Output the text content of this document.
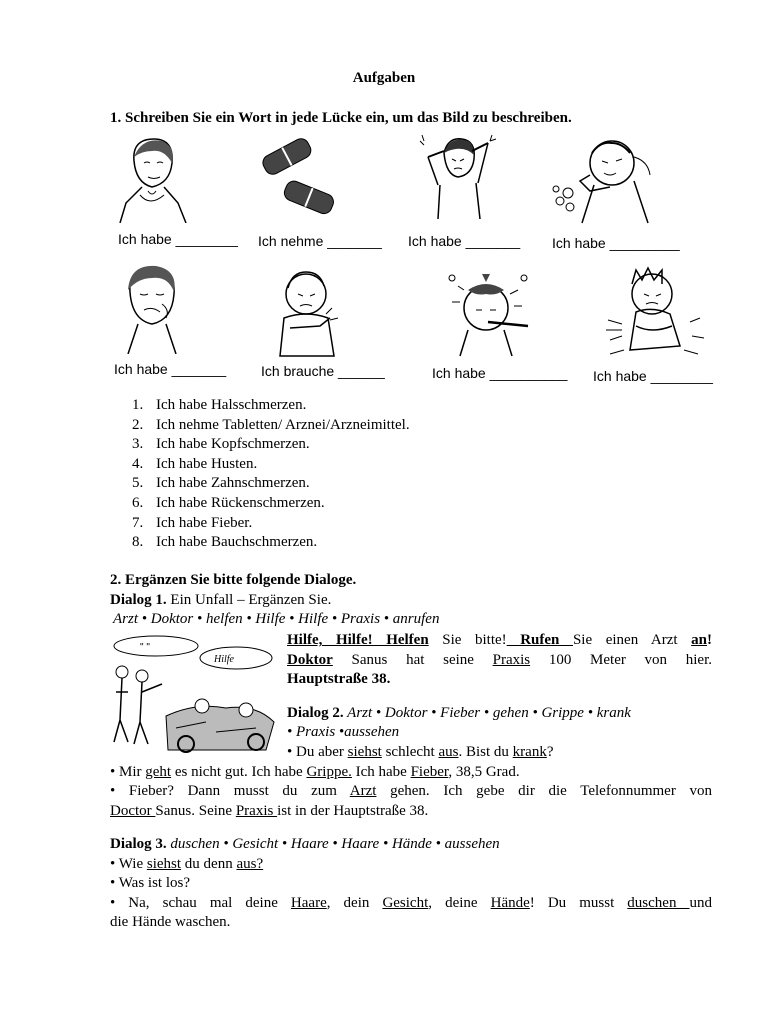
Aufgaben
1. Schreiben Sie ein Wort in jede Lücke ein, um das Bild zu beschreiben.
Ich habe ________ Ich nehme _______ Ich habe _______ Ich habe _________
Ich habe _______ Ich brauche ______	Ich habe __________ Ich habe ________
1. Ich habe Halsschmerzen.
2. Ich nehme Tabletten/ Arznei/Arzneimittel.
3. Ich habe Kopfschmerzen.
4. Ich habe Husten.
5. Ich habe Zahnschmerzen.
6. Ich habe Rückenschmerzen.
7. Ich habe Fieber.
8. Ich habe Bauchschmerzen.
2. Ergänzen Sie bitte folgende Dialoge.
Dialog 1. Ein Unfall – Ergänzen Sie.
Arzt • Doktor • helfen • Hilfe • Hilfe • Praxis • anrufen
" "
Hilfe
Hilfe, Hilfe! Helfen Sie bitte! Rufen Sie einen Arzt an!
Doktor Sanus hat seine Praxis 100 Meter von hier.
Hauptstraße 38.
Dialog 2. Arzt • Doktor • Fieber • gehen • Grippe • krank
• Praxis •aussehen
• Du aber siehst schlecht aus. Bist du krank?
• Mir geht es nicht gut. Ich habe Grippe. Ich habe Fieber, 38,5 Grad.
• Fieber? Dann musst du zum Arzt gehen. Ich gebe dir die Telefonnummer von
Doctor Sanus. Seine Praxis ist in der Hauptstraße 38.
Dialog 3. duschen • Gesicht • Haare • Haare • Hände • aussehen
• Wie siehst du denn aus?
• Was ist los?
• Na, schau mal deine Haare, dein Gesicht, deine Hände! Du musst duschen und
die Hände waschen.
